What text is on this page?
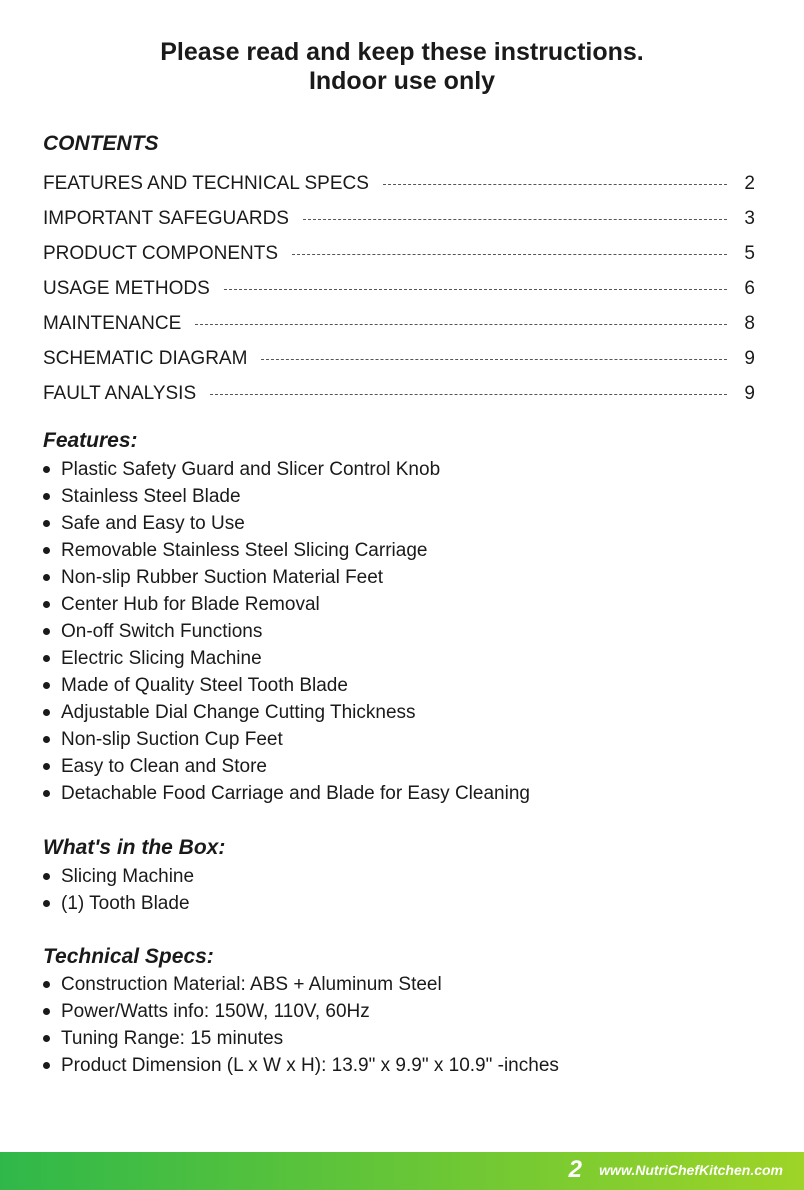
Please read and keep these instructions.
Indoor use only
CONTENTS
FEATURES AND TECHNICAL SPECS	2
IMPORTANT SAFEGUARDS	3
PRODUCT COMPONENTS	5
USAGE METHODS	6
MAINTENANCE	8
SCHEMATIC DIAGRAM	9
FAULT ANALYSIS	9
Features:
Plastic Safety Guard and Slicer Control Knob
Stainless Steel Blade
Safe and Easy to Use
Removable Stainless Steel Slicing Carriage
Non-slip Rubber Suction Material Feet
Center Hub for Blade Removal
On-off Switch Functions
Electric Slicing Machine
Made of Quality Steel Tooth Blade
Adjustable Dial Change Cutting Thickness
Non-slip Suction Cup Feet
Easy to Clean and Store
Detachable Food Carriage and Blade for Easy Cleaning
What's in the Box:
Slicing Machine
(1) Tooth Blade
Technical Specs:
Construction Material: ABS + Aluminum Steel
Power/Watts info: 150W, 110V, 60Hz
Tuning Range: 15 minutes
Product Dimension (L x W x H): 13.9" x 9.9" x 10.9" -inches
2 www.NutriChefKitchen.com
